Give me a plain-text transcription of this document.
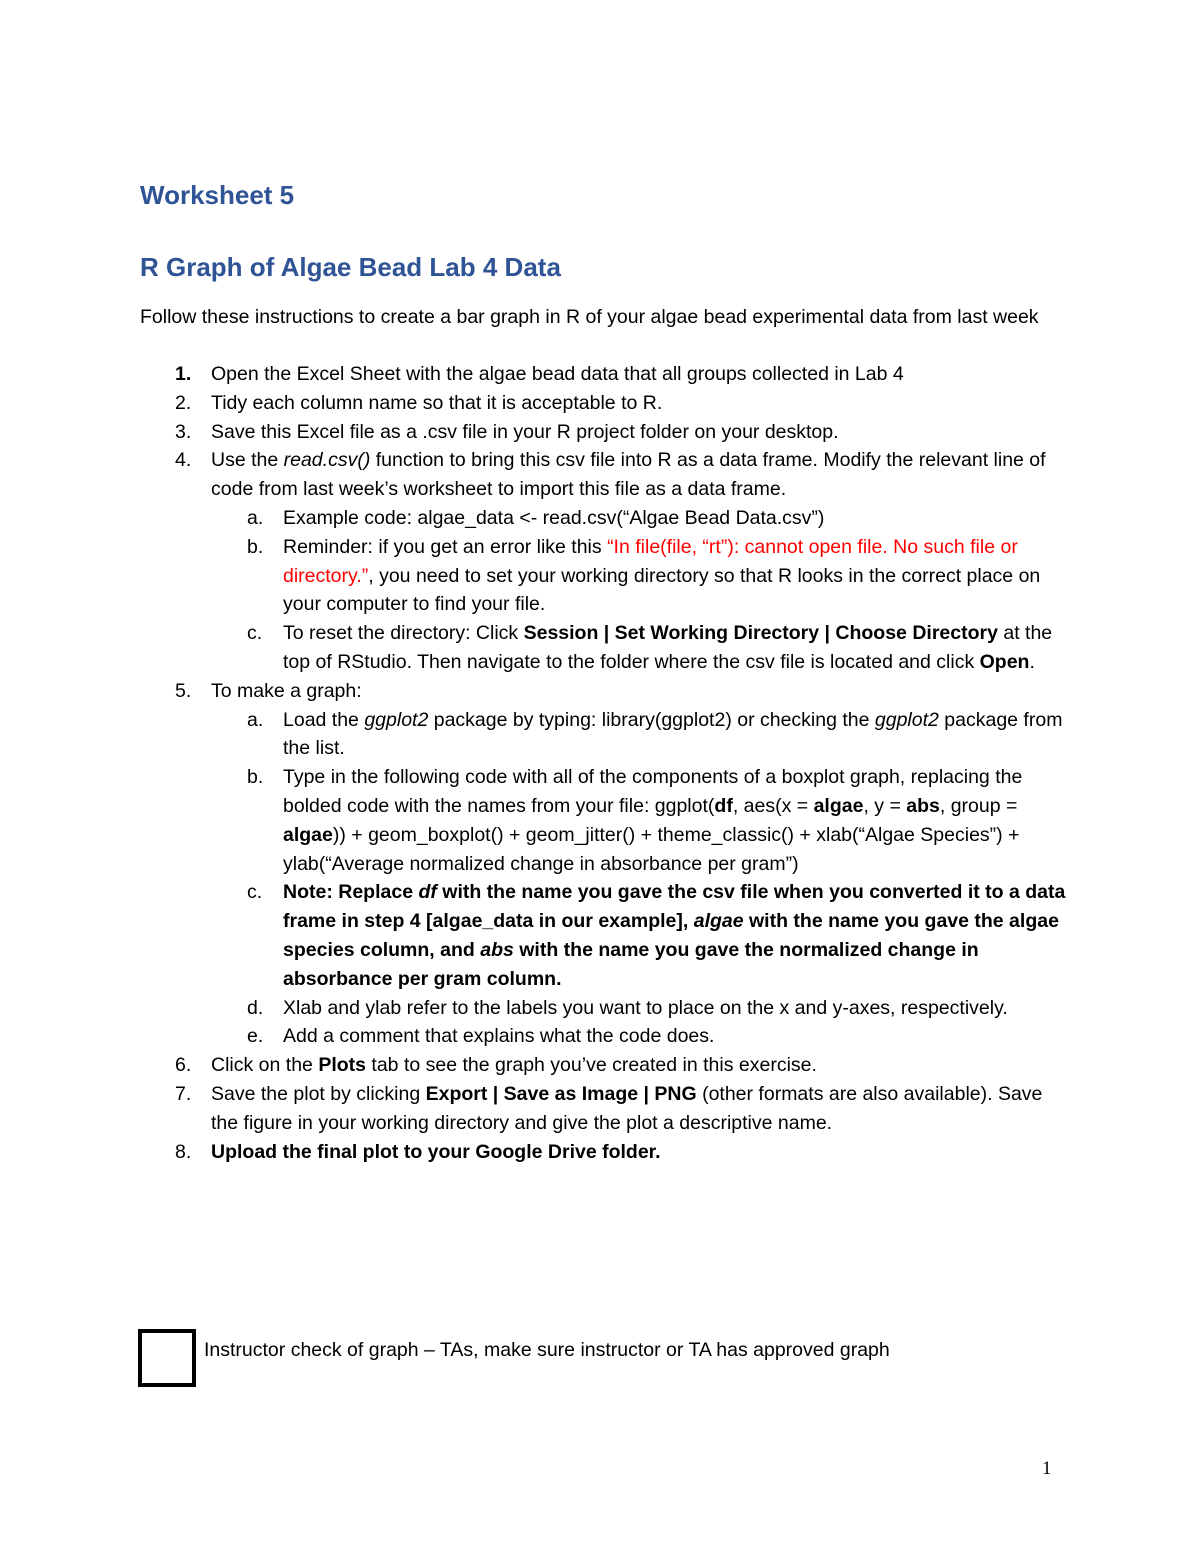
Worksheet 5
R Graph of Algae Bead Lab 4 Data

Follow these instructions to create a bar graph in R of your algae bead experimental data from last week

1. Open the Excel Sheet with the algae bead data that all groups collected in Lab 4
2. Tidy each column name so that it is acceptable to R.
3. Save this Excel file as a .csv file in your R project folder on your desktop.
4. Use the read.csv() function to bring this csv file into R as a data frame. Modify the relevant line of code from last week’s worksheet to import this file as a data frame.
a. Example code: algae_data <- read.csv(“Algae Bead Data.csv”)
b. Reminder: if you get an error like this “In file(file, “rt”): cannot open file. No such file or directory.”, you need to set your working directory so that R looks in the correct place on your computer to find your file.
c. To reset the directory: Click Session | Set Working Directory | Choose Directory at the top of RStudio. Then navigate to the folder where the csv file is located and click Open.
5. To make a graph:
a. Load the ggplot2 package by typing: library(ggplot2) or checking the ggplot2 package from the list.
b. Type in the following code with all of the components of a boxplot graph, replacing the bolded code with the names from your file: ggplot(df, aes(x = algae, y = abs, group = algae)) + geom_boxplot() + geom_jitter() + theme_classic() + xlab(“Algae Species”) + ylab(“Average normalized change in absorbance per gram”)
c. Note: Replace df with the name you gave the csv file when you converted it to a data frame in step 4 [algae_data in our example], algae with the name you gave the algae species column, and abs with the name you gave the normalized change in absorbance per gram column.
d. Xlab and ylab refer to the labels you want to place on the x and y-axes, respectively.
e. Add a comment that explains what the code does.
6. Click on the Plots tab to see the graph you’ve created in this exercise.
7. Save the plot by clicking Export | Save as Image | PNG (other formats are also available). Save the figure in your working directory and give the plot a descriptive name.
8. Upload the final plot to your Google Drive folder.

Instructor check of graph – TAs, make sure instructor or TA has approved graph

1
